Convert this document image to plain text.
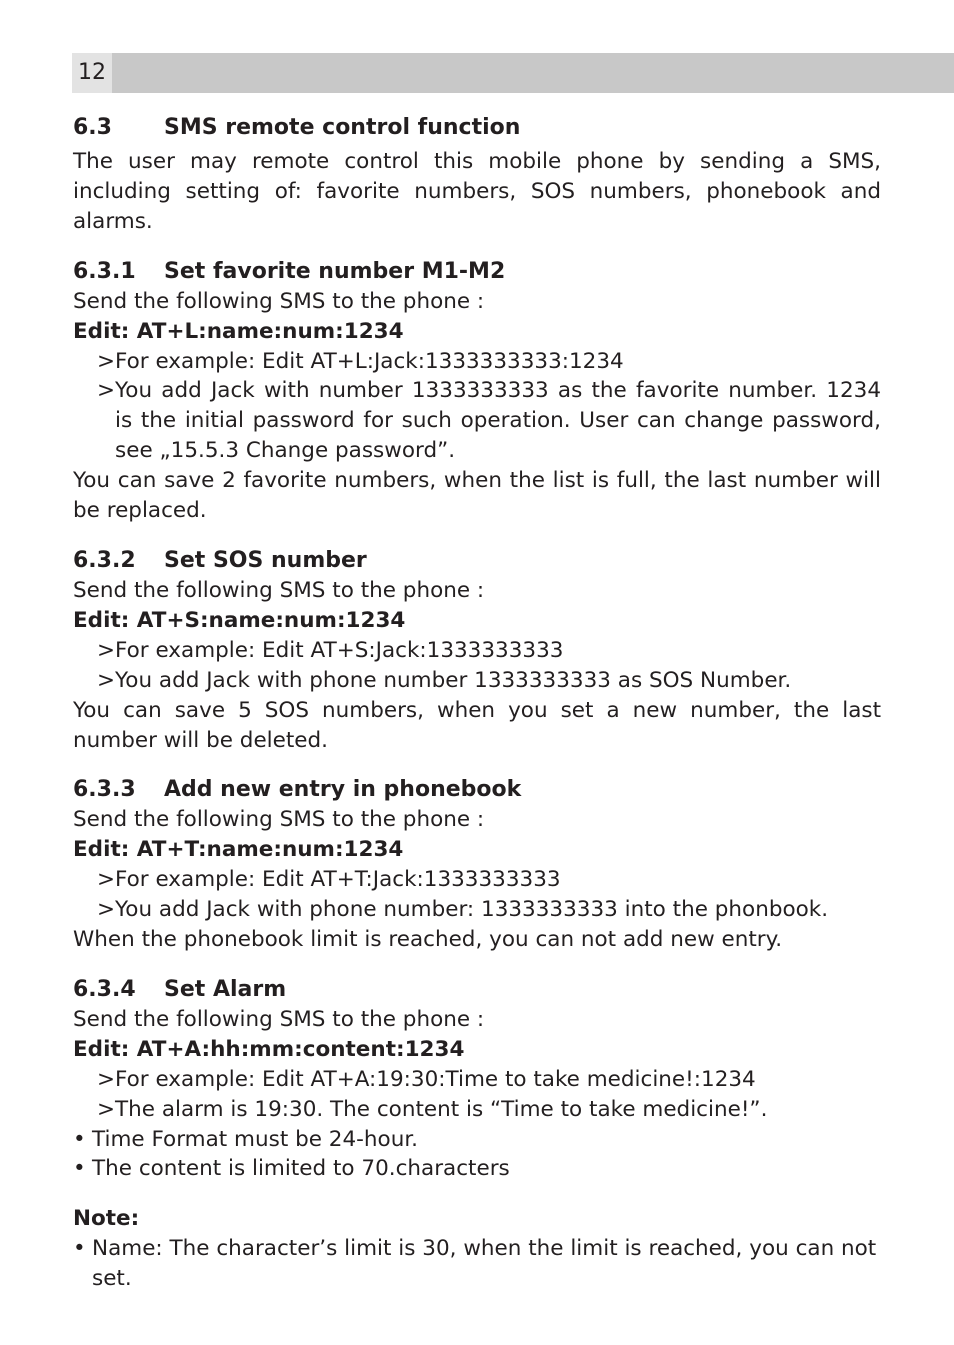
12
6.3 SMS remote control function
The user may remote control this mobile phone by sending a SMS, including setting of: favorite numbers, SOS numbers, phonebook and alarms.
6.3.1 Set favorite number M1-M2
Send the following SMS to the phone :
Edit: AT+L:name:num:1234
> For example: Edit AT+L:Jack:1333333333:1234
> You add Jack with number 1333333333 as the favorite number. 1234 is the initial password for such operation. User can change password, see „15.5.3 Change password”.
You can save 2 favorite numbers, when the list is full, the last number will be replaced.
6.3.2 Set SOS number
Send the following SMS to the phone :
Edit: AT+S:name:num:1234
> For example: Edit AT+S:Jack:1333333333
> You add Jack with phone number 1333333333 as SOS Number.
You can save 5 SOS numbers, when you set a new number, the last number will be deleted.
6.3.3 Add new entry in phonebook
Send the following SMS to the phone :
Edit: AT+T:name:num:1234
> For example: Edit AT+T:Jack:1333333333
> You add Jack with phone number: 1333333333 into the phonbook.
When the phonebook limit is reached, you can not add new entry.
6.3.4 Set Alarm
Send the following SMS to the phone :
Edit: AT+A:hh:mm:content:1234
> For example: Edit AT+A:19:30:Time to take medicine!:1234
> The alarm is 19:30. The content is “Time to take medicine!”.
• Time Format must be 24-hour.
• The content is limited to 70.characters
Note:
• Name: The character’s limit is 30, when the limit is reached, you can not set.
